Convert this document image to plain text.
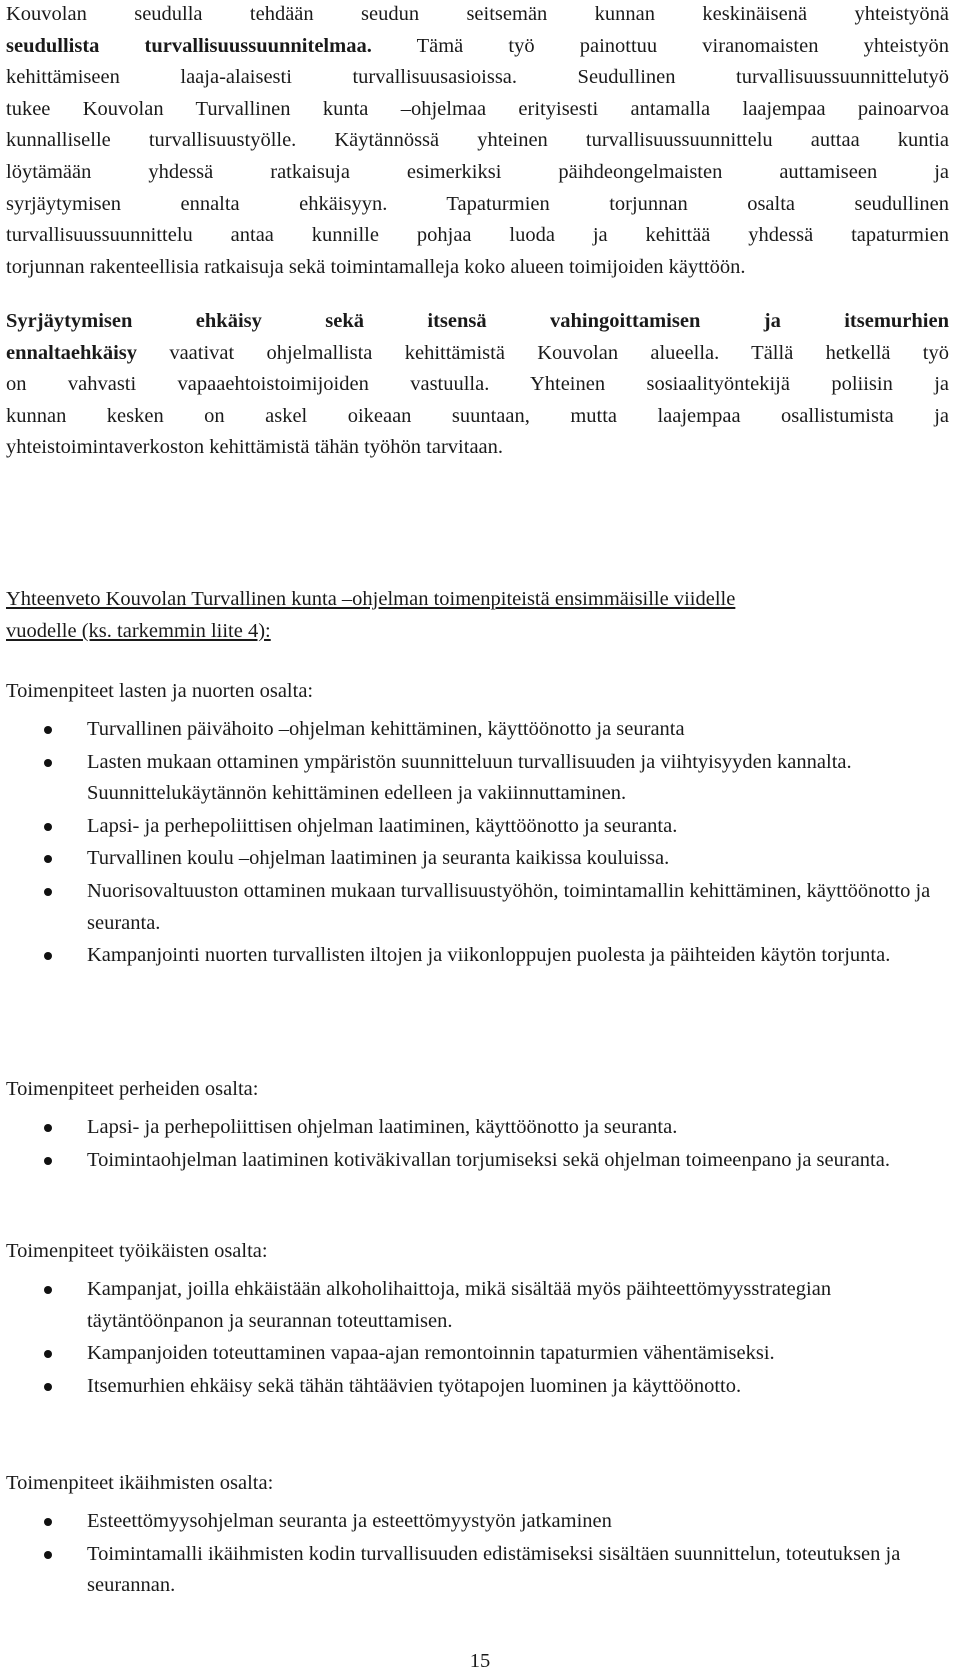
Kouvolan seudulla tehdään seudun seitsemän kunnan keskinäisenä yhteistyönä

seudullista turvallisuussuunnitelmaa. Tämä työ painottuu viranomaisten yhteistyön

kehittämiseen laaja-alaisesti turvallisuusasioissa. Seudullinen turvallisuussuunnittelutyö

tukee Kouvolan Turvallinen kunta –ohjelmaa erityisesti antamalla laajempaa painoarvoa

kunnalliselle turvallisuustyölle. Käytännössä yhteinen turvallisuussuunnittelu auttaa kuntia

löytämään yhdessä ratkaisuja esimerkiksi päihdeongelmaisten auttamiseen ja

syrjäytymisen ennalta ehkäisyyn. Tapaturmien torjunnan osalta seudullinen

turvallisuussuunnittelu antaa kunnille pohjaa luoda ja kehittää yhdessä tapaturmien

torjunnan rakenteellisia ratkaisuja sekä toimintamalleja koko alueen toimijoiden käyttöön.

Syrjäytymisen ehkäisy sekä itsensä vahingoittamisen ja itsemurhien

ennaltaehkäisy vaativat ohjelmallista kehittämistä Kouvolan alueella. Tällä hetkellä työ

on vahvasti vapaaehtoistoimijoiden vastuulla. Yhteinen sosiaalityöntekijä poliisin ja

kunnan kesken on askel oikeaan suuntaan, mutta laajempaa osallistumista ja

yhteistoimintaverkoston kehittämistä tähän työhön tarvitaan.

Yhteenveto Kouvolan Turvallinen kunta –ohjelman toimenpiteistä ensimmäisille viidelle
vuodelle (ks. tarkemmin liite 4):
Toimenpiteet lasten ja nuorten osalta:
Turvallinen päivähoito –ohjelman kehittäminen, käyttöönotto ja seuranta
Lasten mukaan ottaminen ympäristön suunnitteluun turvallisuuden ja viihtyisyyden kannalta. Suunnittelukäytännön kehittäminen edelleen ja vakiinnuttaminen.
Lapsi- ja perhepoliittisen ohjelman laatiminen, käyttöönotto ja seuranta.
Turvallinen koulu –ohjelman laatiminen ja seuranta kaikissa kouluissa.
Nuorisovaltuuston ottaminen mukaan turvallisuustyöhön, toimintamallin kehittäminen, käyttöönotto ja seuranta.
Kampanjointi nuorten turvallisten iltojen ja viikonloppujen puolesta ja päihteiden käytön torjunta.
Toimenpiteet perheiden osalta:
Lapsi- ja perhepoliittisen ohjelman laatiminen, käyttöönotto ja seuranta.
Toimintaohjelman laatiminen kotiväkivallan torjumiseksi sekä ohjelman toimeenpano ja seuranta.
Toimenpiteet työikäisten osalta:
Kampanjat, joilla ehkäistään alkoholihaittoja, mikä sisältää myös päihteettömyysstrategian täytäntöönpanon ja seurannan toteuttamisen.
Kampanjoiden toteuttaminen vapaa-ajan remontoinnin tapaturmien vähentämiseksi.
Itsemurhien ehkäisy sekä tähän tähtäävien työtapojen luominen ja käyttöönotto.
Toimenpiteet ikäihmisten osalta:
Esteettömyysohjelman seuranta ja esteettömyystyön jatkaminen
Toimintamalli ikäihmisten kodin turvallisuuden edistämiseksi sisältäen suunnittelun, toteutuksen ja seurannan.
15
